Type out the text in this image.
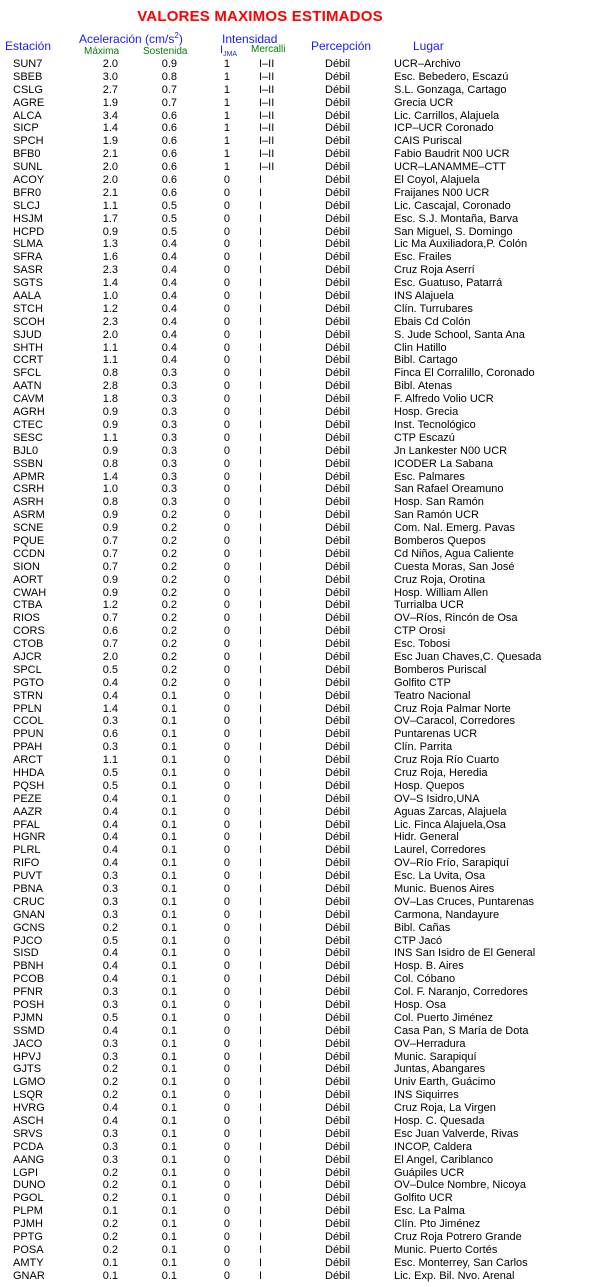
VALORES MAXIMOS ESTIMADOS
Estación Aceleración $(cm/s^2)$
Máxima Sostenida
Intensidad
$I_{JMA}$ Mercalli Percepción	Lugar
SUN7	2.0	0.9	1	I–II	Débil	UCR–Archivo
SBEB	3.0	0.8	1	I–II	Débil	Esc. Bebedero, Escazú
CSLG	2.7	0.7	1	I–II	Débil	S.L. Gonzaga, Cartago
AGRE	1.9	0.7	1	I–II	Débil	Grecia UCR
ALCA	3.4	0.6	1	I–II	Débil	Lic. Carrillos, Alajuela
SICP	1.4	0.6	1	I–II	Débil	ICP–UCR Coronado
SPCH	1.9	0.6	1	I–II	Débil	CAIS Puriscal
BFB0	2.1	0.6	1	I–II	Débil	Fabio Baudrit N00 UCR
SUNL	2.0	0.6	1	I–II	Débil	UCR–LANAMME–CTT
ACOY	2.0	0.6	0	I	Débil	El Coyol, Alajuela
BFR0	2.1	0.6	0	I	Débil	Fraijanes N00 UCR
SLCJ	1.1	0.5	0	I	Débil	Lic. Cascajal, Coronado
HSJM	1.7	0.5	0	I	Débil	Esc. S.J. Montaña, Barva
HCPD	0.9	0.5	0	I	Débil	San Miguel, S. Domingo
SLMA	1.3	0.4	0	I	Débil	Lic Ma Auxiliadora,P. Colón
SFRA	1.6	0.4	0	I	Débil	Esc. Frailes
SASR	2.3	0.4	0	I	Débil	Cruz Roja Aserrí
SGTS	1.4	0.4	0	I	Débil	Esc. Guatuso, Patarrá
AALA	1.0	0.4	0	I	Débil	INS Alajuela
STCH	1.2	0.4	0	I	Débil	Clín. Turrubares
SCOH	2.3	0.4	0	I	Débil	Ebais Cd Colón
SJUD	2.0	0.4	0	I	Débil	S. Jude School, Santa Ana
SHTH	1.1	0.4	0	I	Débil	Clin Hatillo
CCRT	1.1	0.4	0	I	Débil	Bibl. Cartago
SFCL	0.8	0.3	0	I	Débil	Finca El Corralillo, Coronado
AATN	2.8	0.3	0	I	Débil	Bibl. Atenas
CAVM	1.8	0.3	0	I	Débil	F. Alfredo Volio UCR
AGRH	0.9	0.3	0	I	Débil	Hosp. Grecia
CTEC	0.9	0.3	0	I	Débil	Inst. Tecnológico
SESC	1.1	0.3	0	I	Débil	CTP Escazú
BJL0	0.9	0.3	0	I	Débil	Jn Lankester N00 UCR
SSBN	0.8	0.3	0	I	Débil	ICODER La Sabana
APMR	1.4	0.3	0	I	Débil	Esc. Palmares
CSRH	1.0	0.3	0	I	Débil	San Rafael Oreamuno
ASRH	0.8	0.3	0	I	Débil	Hosp. San Ramón
ASRM	0.9	0.2	0	I	Débil	San Ramón UCR
SCNE	0.9	0.2	0	I	Débil	Com. Nal. Emerg. Pavas
PQUE	0.7	0.2	0	I	Débil	Bomberos Quepos
CCDN	0.7	0.2	0	I	Débil	Cd Niños, Agua Caliente
SION	0.7	0.2	0	I	Débil	Cuesta Moras, San José
AORT	0.9	0.2	0	I	Débil	Cruz Roja, Orotina
CWAH	0.9	0.2	0	I	Débil	Hosp. William Allen
CTBA	1.2	0.2	0	I	Débil	Turrialba UCR
RIOS	0.7	0.2	0	I	Débil	OV–Ríos, Rincón de Osa
CORS	0.6	0.2	0	I	Débil	CTP Orosi
CTOB	0.7	0.2	0	I	Débil	Esc. Tobosi
AJCR	2.0	0.2	0	I	Débil	Esc Juan Chaves,C. Quesada
SPCL	0.5	0.2	0	I	Débil	Bomberos Puriscal
PGTO	0.4	0.2	0	I	Débil	Golfito CTP
STRN	0.4	0.1	0	I	Débil	Teatro Nacional
PPLN	1.4	0.1	0	I	Débil	Cruz Roja Palmar Norte
CCOL	0.3	0.1	0	I	Débil	OV–Caracol, Corredores
PPUN	0.6	0.1	0	I	Débil	Puntarenas UCR
PPAH	0.3	0.1	0	I	Débil	Clín. Parrita
ARCT	1.1	0.1	0	I	Débil	Cruz Roja Río Cuarto
HHDA	0.5	0.1	0	I	Débil	Cruz Roja, Heredia
PQSH	0.5	0.1	0	I	Débil	Hosp. Quepos
PEZE	0.4	0.1	0	I	Débil	OV–S Isidro,UNA
AAZR	0.4	0.1	0	I	Débil	Aguas Zarcas, Alajuela
PFAL	0.4	0.1	0	I	Débil	Lic. Finca Alajuela,Osa
HGNR	0.4	0.1	0	I	Débil	Hidr. General
PLRL	0.4	0.1	0	I	Débil	Laurel, Corredores
RIFO	0.4	0.1	0	I	Débil	OV–Río Frío, Sarapiquí
PUVT	0.3	0.1	0	I	Débil	Esc. La Uvita, Osa
PBNA	0.3	0.1	0	I	Débil	Munic. Buenos Aires
CRUC	0.3	0.1	0	I	Débil	OV–Las Cruces, Puntarenas
GNAN	0.3	0.1	0	I	Débil	Carmona, Nandayure
GCNS	0.2	0.1	0	I	Débil	Bibl. Cañas
PJCO	0.5	0.1	0	I	Débil	CTP Jacó
SISD	0.4	0.1	0	I	Débil	INS San Isidro de El General
PBNH	0.4	0.1	0	I	Débil	Hosp. B. Aires
PCOB	0.4	0.1	0	I	Débil	Col. Cóbano
PFNR	0.3	0.1	0	I	Débil	Col. F. Naranjo, Corredores
POSH	0.3	0.1	0	I	Débil	Hosp. Osa
PJMN	0.5	0.1	0	I	Débil	Col. Puerto Jiménez
SSMD	0.4	0.1	0	I	Débil	Casa Pan, S María de Dota
JACO	0.3	0.1	0	I	Débil	OV–Herradura
HPVJ	0.3	0.1	0	I	Débil	Munic. Sarapiquí
GJTS	0.2	0.1	0	I	Débil	Juntas, Abangares
LGMO	0.2	0.1	0	I	Débil	Univ Earth, Guácimo
LSQR	0.2	0.1	0	I	Débil	INS Siquirres
HVRG	0.4	0.1	0	I	Débil	Cruz Roja, La Virgen
ASCH	0.4	0.1	0	I	Débil	Hosp. C. Quesada
SRVS	0.3	0.1	0	I	Débil	Esc Juan Valverde, Rivas
PCDA	0.3	0.1	0	I	Débil	INCOP, Caldera
AANG	0.3	0.1	0	I	Débil	El Angel, Cariblanco
LGPI	0.2	0.1	0	I	Débil	Guápiles UCR
DUNO	0.2	0.1	0	I	Débil	OV–Dulce Nombre, Nicoya
PGOL	0.2	0.1	0	I	Débil	Golfito UCR
PLPM	0.1	0.1	0	I	Débil	Esc. La Palma
PJMH	0.2	0.1	0	I	Débil	Clín. Pto Jiménez
PPTG	0.2	0.1	0	I	Débil	Cruz Roja Potrero Grande
POSA	0.2	0.1	0	I	Débil	Munic. Puerto Cortés
AMTY	0.1	0.1	0	I	Débil	Esc. Monterrey, San Carlos
GNAR	0.1	0.1	0	I	Débil	Lic. Exp. Bil. Nvo. Arenal
